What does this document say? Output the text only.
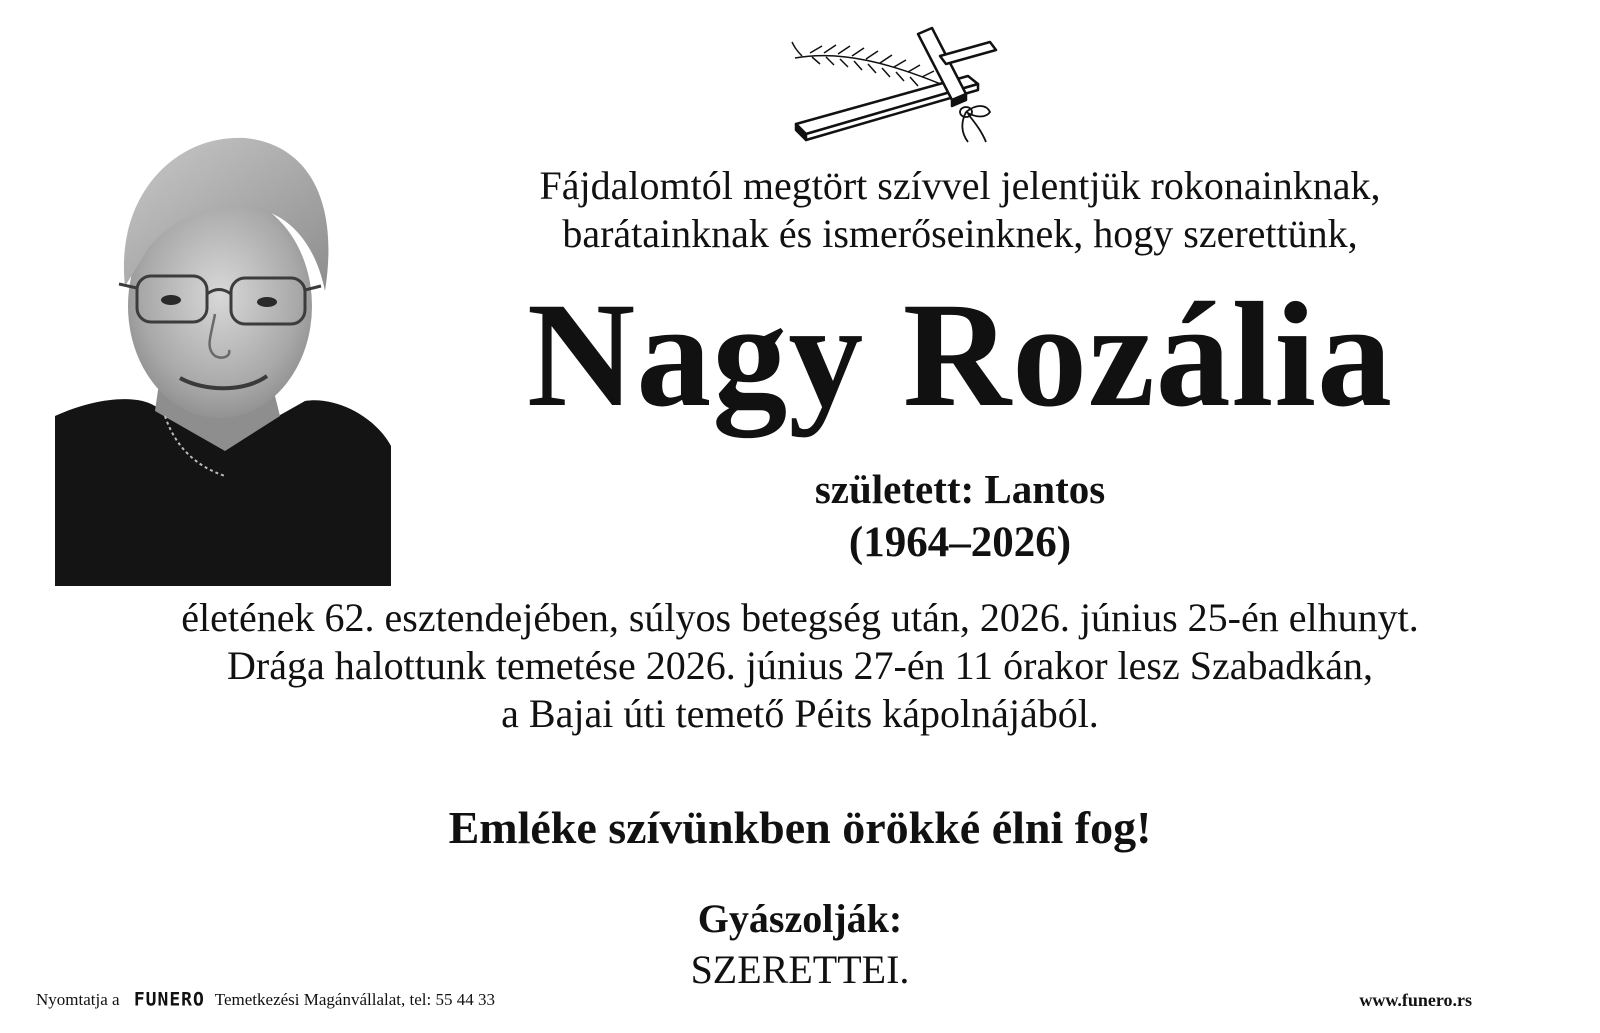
Fájdalomtól megtört szívvel jelentjük rokonainknak,
barátainknak és ismerőseinknek, hogy szerettünk,
Nagy Rozália
született: Lantos
(1964–2026)
életének 62. esztendejében, súlyos betegség után, 2026. június 25-én elhunyt.
Drága halottunk temetése 2026. június 27-én 11 órakor lesz Szabadkán,
a Bajai úti temető Péits kápolnájából.
Emléke szívünkben örökké élni fog!
Gyászolják:
SZERETTEI.
Nyomtatja a FUNERO Temetkezési Magánvállalat, tel: 55 44 33	www.funero.rs
